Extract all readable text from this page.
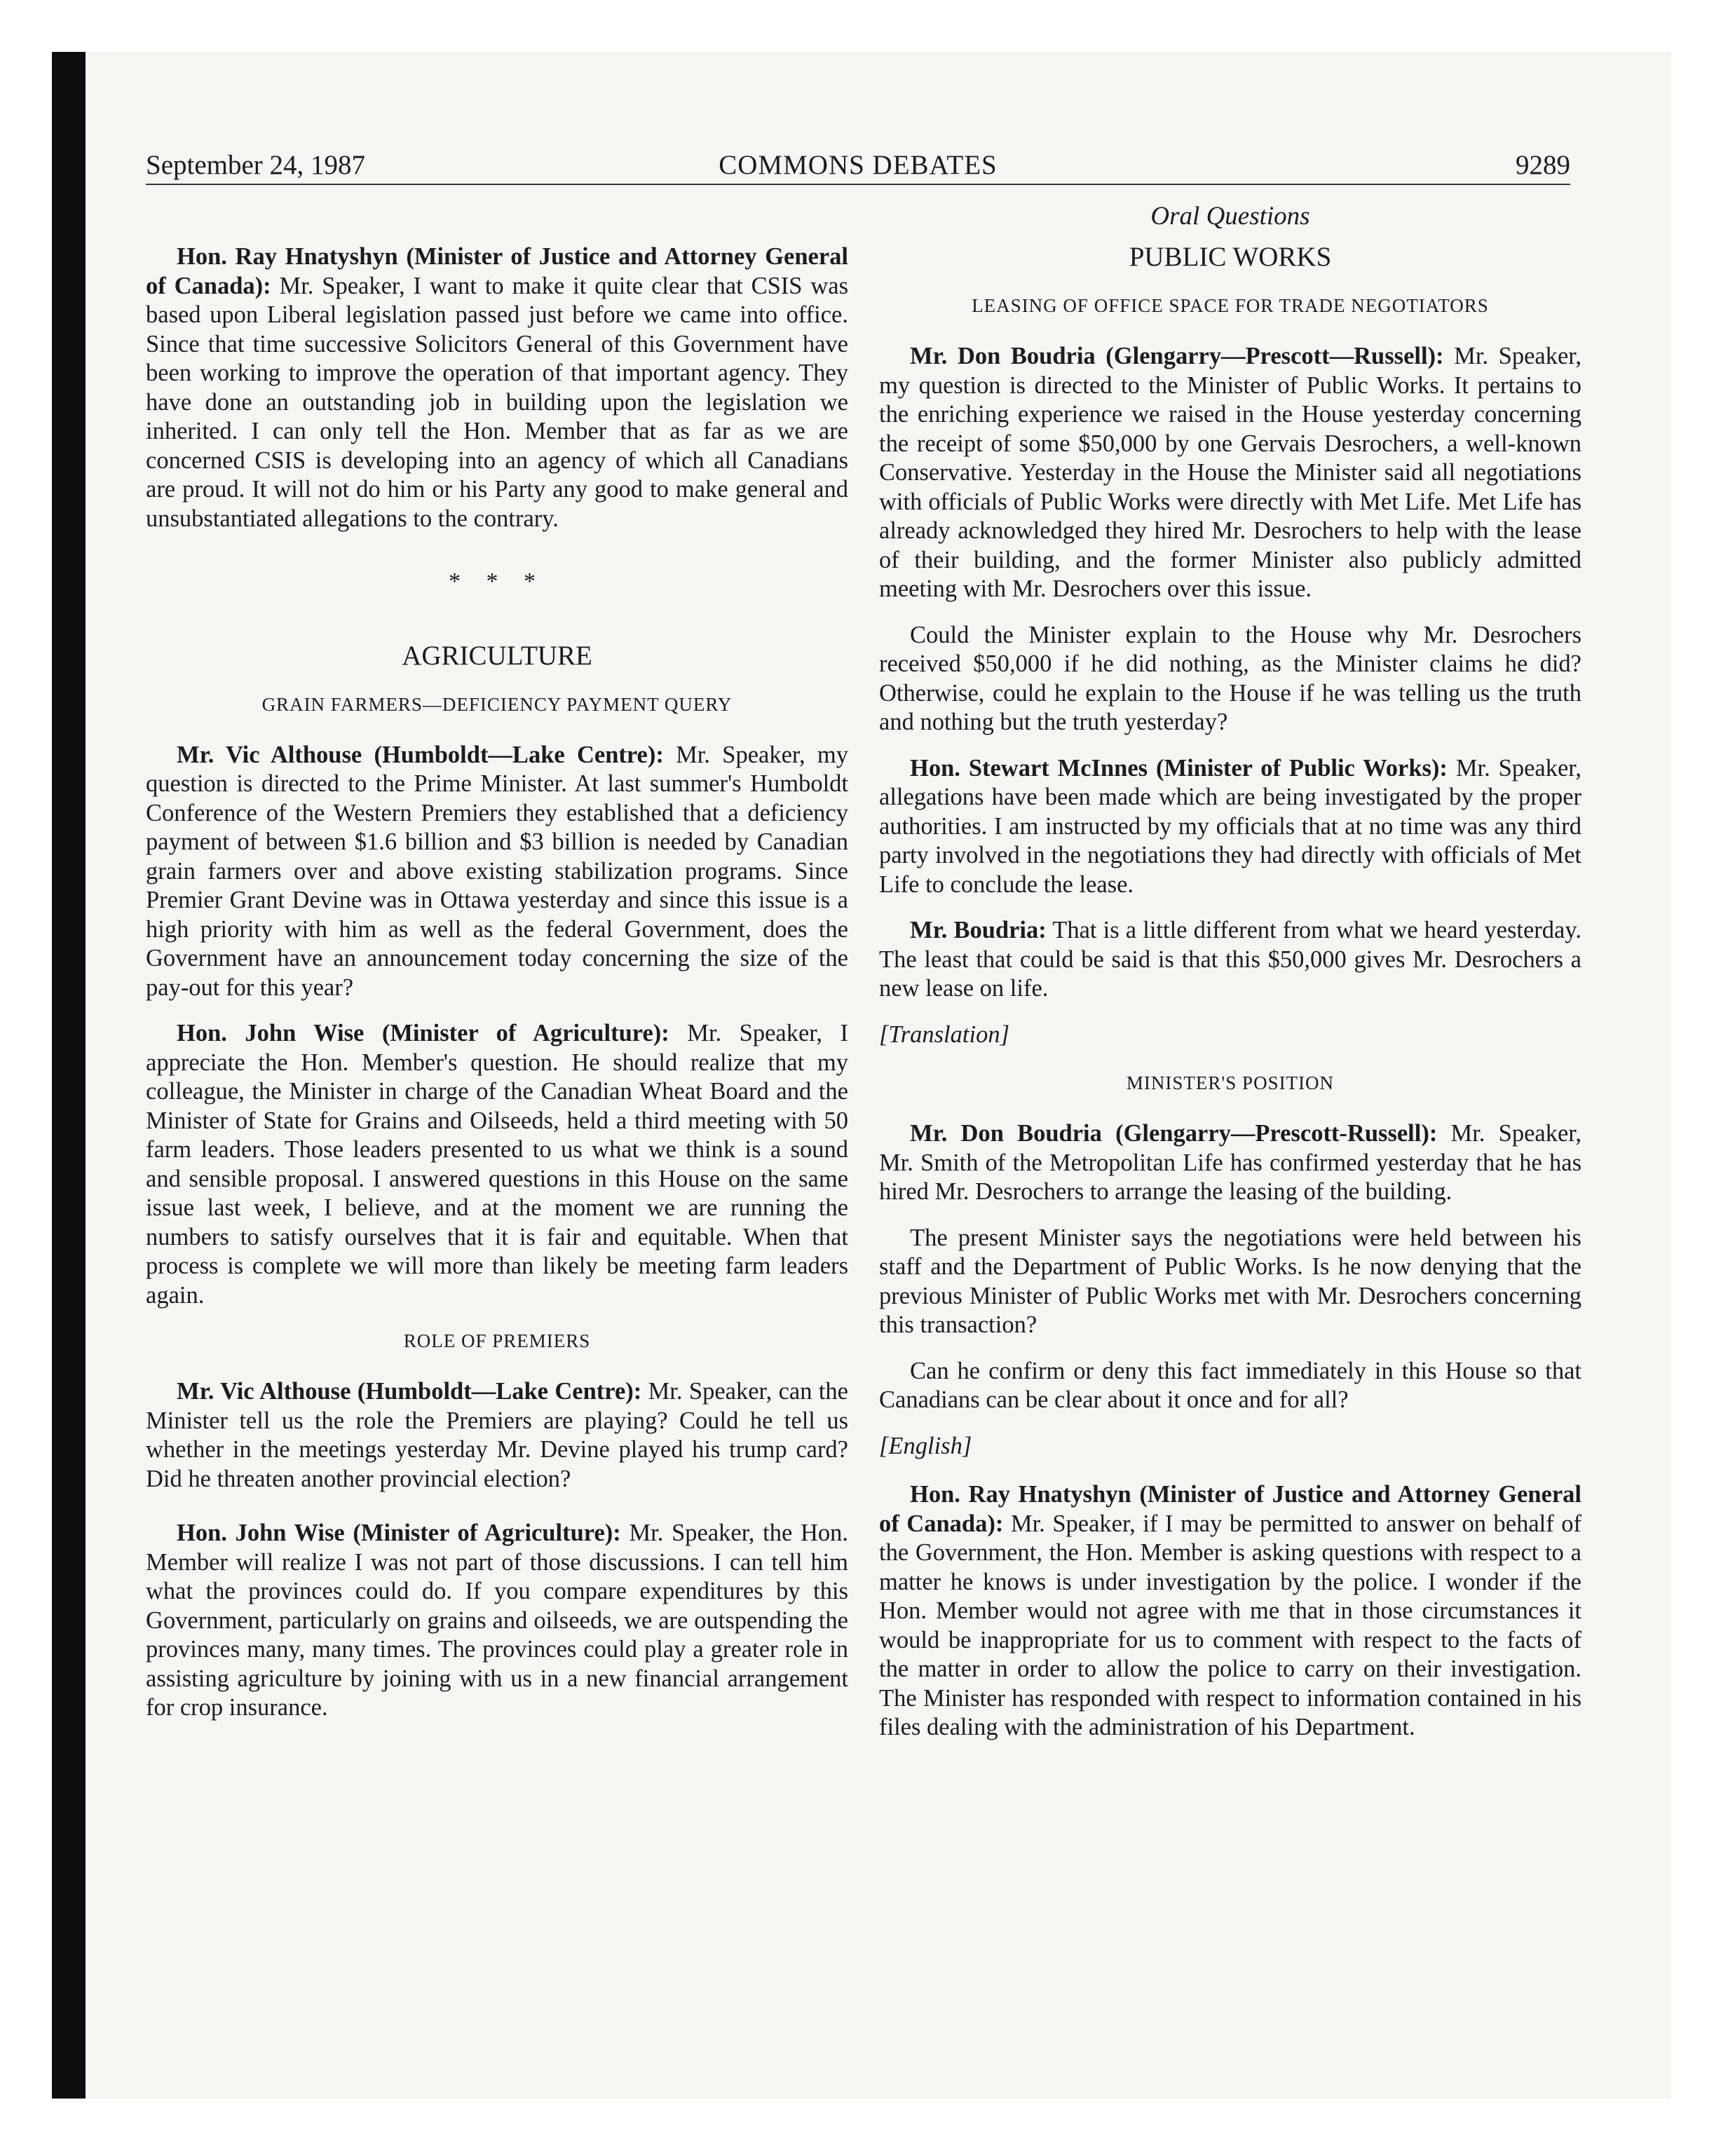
September 24, 1987	COMMONS DEBATES	9289

Hon. Ray Hnatyshyn (Minister of Justice and Attorney General of Canada): Mr. Speaker, I want to make it quite clear that CSIS was based upon Liberal legislation passed just before we came into office. Since that time successive Solicitors General of this Government have been working to improve the operation of that important agency. They have done an outstanding job in building upon the legislation we inherited. I can only tell the Hon. Member that as far as we are concerned CSIS is developing into an agency of which all Canadians are proud. It will not do him or his Party any good to make general and unsubstantiated allegations to the contrary.

* * *
AGRICULTURE
GRAIN FARMERS—DEFICIENCY PAYMENT QUERY

Mr. Vic Althouse (Humboldt—Lake Centre): Mr. Speaker, my question is directed to the Prime Minister. At last summer's Humboldt Conference of the Western Premiers they established that a deficiency payment of between $1.6 billion and $3 billion is needed by Canadian grain farmers over and above existing stabilization programs. Since Premier Grant Devine was in Ottawa yesterday and since this issue is a high priority with him as well as the federal Government, does the Government have an announcement today concerning the size of the pay-out for this year?

Hon. John Wise (Minister of Agriculture): Mr. Speaker, I appreciate the Hon. Member's question. He should realize that my colleague, the Minister in charge of the Canadian Wheat Board and the Minister of State for Grains and Oilseeds, held a third meeting with 50 farm leaders. Those leaders presented to us what we think is a sound and sensible proposal. I answered questions in this House on the same issue last week, I believe, and at the moment we are running the numbers to satisfy ourselves that it is fair and equitable. When that process is complete we will more than likely be meeting farm leaders again.

ROLE OF PREMIERS

Mr. Vic Althouse (Humboldt—Lake Centre): Mr. Speaker, can the Minister tell us the role the Premiers are playing? Could he tell us whether in the meetings yesterday Mr. Devine played his trump card? Did he threaten another provincial election?

Hon. John Wise (Minister of Agriculture): Mr. Speaker, the Hon. Member will realize I was not part of those discussions. I can tell him what the provinces could do. If you compare expenditures by this Government, particularly on grains and oilseeds, we are outspending the provinces many, many times. The provinces could play a greater role in assisting agriculture by joining with us in a new financial arrangement for crop insurance.

Oral Questions
PUBLIC WORKS
LEASING OF OFFICE SPACE FOR TRADE NEGOTIATORS

Mr. Don Boudria (Glengarry—Prescott—Russell): Mr. Speaker, my question is directed to the Minister of Public Works. It pertains to the enriching experience we raised in the House yesterday concerning the receipt of some $50,000 by one Gervais Desrochers, a well-known Conservative. Yesterday in the House the Minister said all negotiations with officials of Public Works were directly with Met Life. Met Life has already acknowledged they hired Mr. Desrochers to help with the lease of their building, and the former Minister also publicly admitted meeting with Mr. Desrochers over this issue.

Could the Minister explain to the House why Mr. Desrochers received $50,000 if he did nothing, as the Minister claims he did? Otherwise, could he explain to the House if he was telling us the truth and nothing but the truth yesterday?

Hon. Stewart McInnes (Minister of Public Works): Mr. Speaker, allegations have been made which are being investigated by the proper authorities. I am instructed by my officials that at no time was any third party involved in the negotiations they had directly with officials of Met Life to conclude the lease.

Mr. Boudria: That is a little different from what we heard yesterday. The least that could be said is that this $50,000 gives Mr. Desrochers a new lease on life.

[Translation]

MINISTER'S POSITION

Mr. Don Boudria (Glengarry—Prescott-Russell): Mr. Speaker, Mr. Smith of the Metropolitan Life has confirmed yesterday that he has hired Mr. Desrochers to arrange the leasing of the building.

The present Minister says the negotiations were held between his staff and the Department of Public Works. Is he now denying that the previous Minister of Public Works met with Mr. Desrochers concerning this transaction?

Can he confirm or deny this fact immediately in this House so that Canadians can be clear about it once and for all?

[English]

Hon. Ray Hnatyshyn (Minister of Justice and Attorney General of Canada): Mr. Speaker, if I may be permitted to answer on behalf of the Government, the Hon. Member is asking questions with respect to a matter he knows is under investigation by the police. I wonder if the Hon. Member would not agree with me that in those circumstances it would be inappropriate for us to comment with respect to the facts of the matter in order to allow the police to carry on their investigation. The Minister has responded with respect to information contained in his files dealing with the administration of his Department.
